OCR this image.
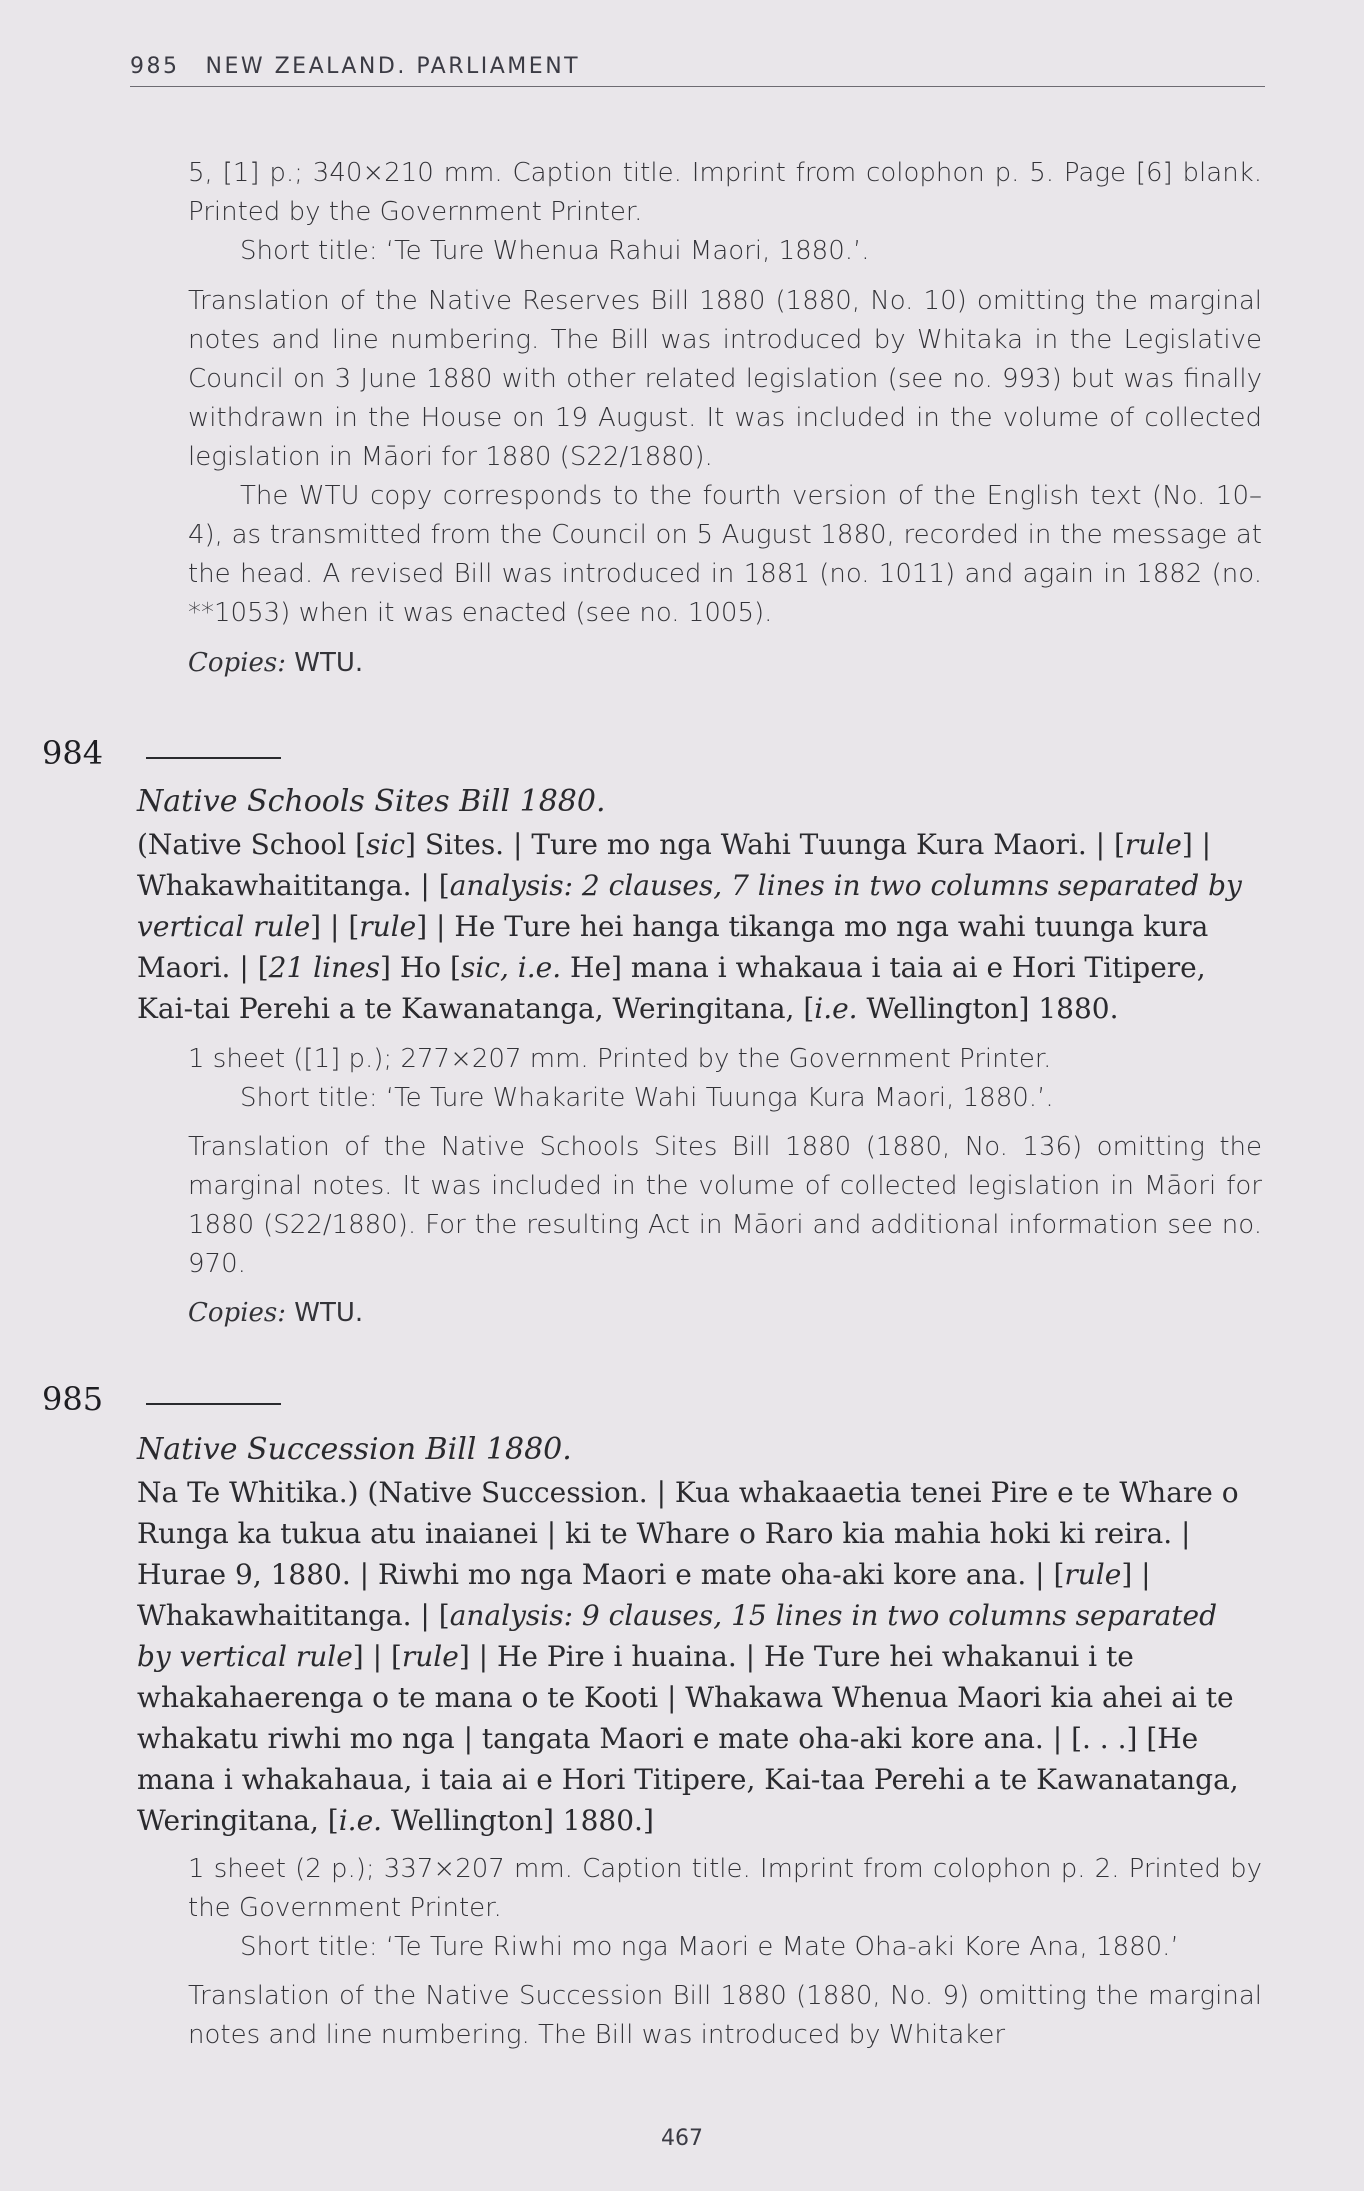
985 NEW ZEALAND. PARLIAMENT

5, [1] p.; 340×210 mm. Caption title. Imprint from colophon p. 5. Page [6] blank. Printed by the Government Printer.

Short title: ‘Te Ture Whenua Rahui Maori, 1880.’.

Translation of the Native Reserves Bill 1880 (1880, No. 10) omitting the marginal notes and line numbering. The Bill was introduced by Whitaka in the Legislative Council on 3 June 1880 with other related legislation (see no. 993) but was finally withdrawn in the House on 19 August. It was included in the volume of collected legislation in Māori for 1880 (S22/1880).

The WTU copy corresponds to the fourth version of the English text (No. 10–4), as transmitted from the Council on 5 August 1880, recorded in the message at the head. A revised Bill was introduced in 1881 (no. 1011) and again in 1882 (no. **1053) when it was enacted (see no. 1005).

Copies: WTU.
984
Native Schools Sites Bill 1880.
(Native School [sic] Sites. | Ture mo nga Wahi Tuunga Kura Maori. | [rule] | Whakawhaititanga. | [analysis: 2 clauses, 7 lines in two columns separated by vertical rule] | [rule] | He Ture hei hanga tikanga mo nga wahi tuunga kura Maori. | [21 lines] Ho [sic, i.e. He] mana i whakaua i taia ai e Hori Titipere, Kai-tai Perehi a te Kawanatanga, Weringitana, [i.e. Wellington] 1880.

1 sheet ([1] p.); 277×207 mm. Printed by the Government Printer.

Short title: ‘Te Ture Whakarite Wahi Tuunga Kura Maori, 1880.’.

Translation of the Native Schools Sites Bill 1880 (1880, No. 136) omitting the marginal notes. It was included in the volume of collected legislation in Māori for 1880 (S22/1880). For the resulting Act in Māori and additional information see no. 970.

Copies: WTU.
985
Native Succession Bill 1880.
Na Te Whitika.) (Native Succession. | Kua whakaaetia tenei Pire e te Whare o Runga ka tukua atu inaianei | ki te Whare o Raro kia mahia hoki ki reira. | Hurae 9, 1880. | Riwhi mo nga Maori e mate oha-aki kore ana. | [rule] | Whakawhaititanga. | [analysis: 9 clauses, 15 lines in two columns separated by vertical rule] | [rule] | He Pire i huaina. | He Ture hei whakanui i te whakahaerenga o te mana o te Kooti | Whakawa Whenua Maori kia ahei ai te whakatu riwhi mo nga | tangata Maori e mate oha-aki kore ana. | [. . .] [He mana i whakahaua, i taia ai e Hori Titipere, Kai-taa Perehi a te Kawanatanga, Weringitana, [i.e. Wellington] 1880.]

1 sheet (2 p.); 337×207 mm. Caption title. Imprint from colophon p. 2. Printed by the Government Printer.

Short title: ‘Te Ture Riwhi mo nga Maori e Mate Oha-aki Kore Ana, 1880.’

Translation of the Native Succession Bill 1880 (1880, No. 9) omitting the marginal notes and line numbering. The Bill was introduced by Whitaker

467
